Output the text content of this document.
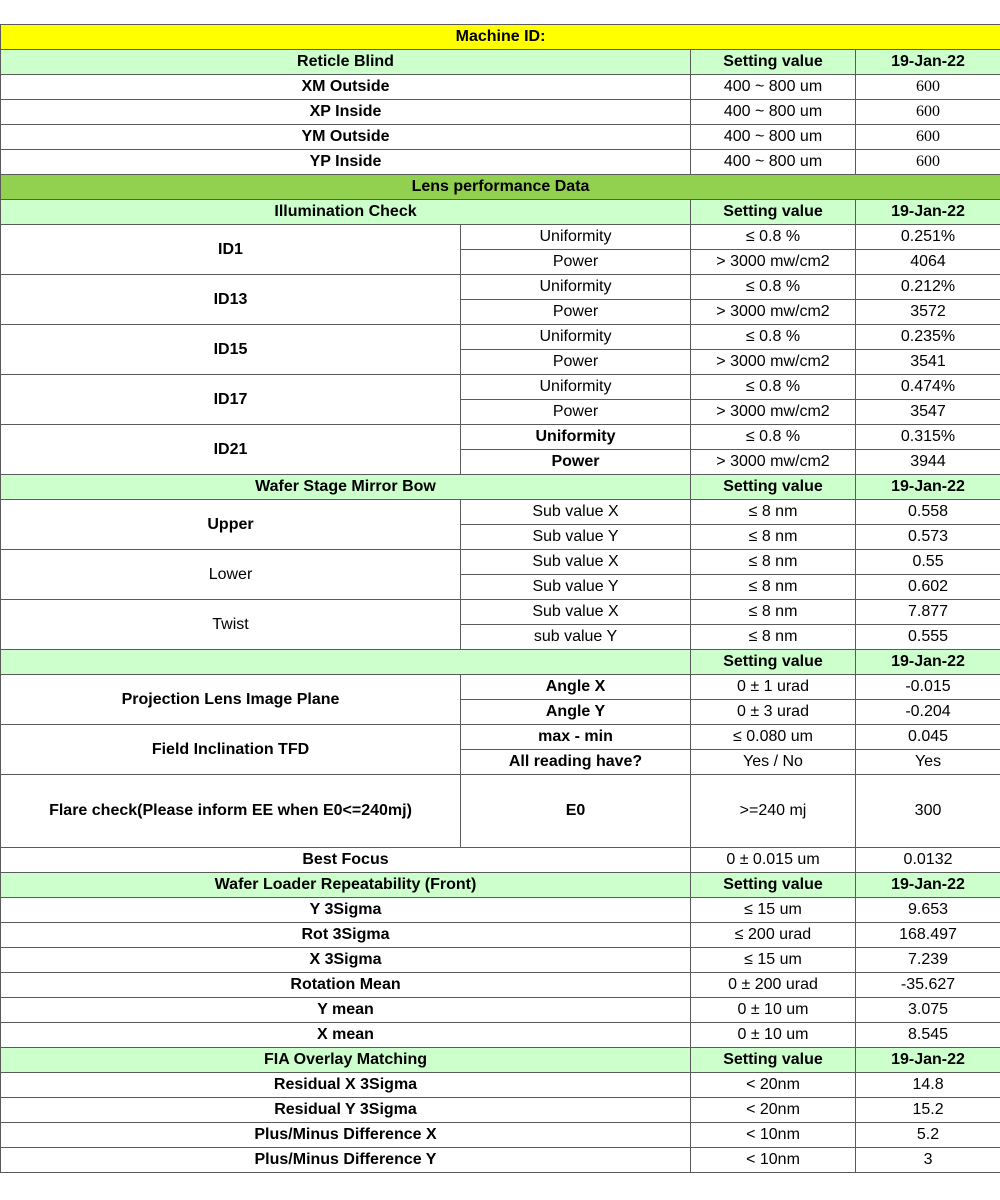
Machine ID:			
Reticle Blind		Setting value	19-Jan-22
XM Outside		400 ~ 800 um	600
XP Inside		400 ~ 800 um	600
YM Outside		400 ~ 800 um	600
YP Inside		400 ~ 800 um	600
Lens performance Data			
Illumination Check		Setting value	19-Jan-22
ID1	Uniformity	≤ 0.8 %	0.251%
	Power	> 3000 mw/cm2	4064
ID13	Uniformity	≤ 0.8 %	0.212%
	Power	> 3000 mw/cm2	3572
ID15	Uniformity	≤ 0.8 %	0.235%
	Power	> 3000 mw/cm2	3541
ID17	Uniformity	≤ 0.8 %	0.474%
	Power	> 3000 mw/cm2	3547
ID21	Uniformity	≤ 0.8 %	0.315%
	Power	> 3000 mw/cm2	3944
Wafer Stage Mirror Bow		Setting value	19-Jan-22
Upper	Sub value X	≤ 8 nm	0.558
	Sub value Y	≤ 8 nm	0.573
Lower	Sub value X	≤ 8 nm	0.55
	Sub value Y	≤ 8 nm	0.602
Twist	Sub value X	≤ 8 nm	7.877
	sub value Y	≤ 8 nm	0.555
		Setting value	19-Jan-22
Projection Lens Image Plane	Angle X	0 ± 1 urad	-0.015
	Angle Y	0 ± 3 urad	-0.204
Field Inclination TFD	max - min	≤ 0.080 um	0.045
	All reading have?	Yes / No	Yes
Flare check(Please inform EE when E0<=240mj)	E0	>=240 mj	300
Best Focus		0 ± 0.015 um	0.0132
Wafer Loader Repeatability (Front)		Setting value	19-Jan-22
Y 3Sigma		≤ 15 um	9.653
Rot 3Sigma		≤ 200 urad	168.497
X 3Sigma		≤ 15 um	7.239
Rotation Mean		0 ± 200 urad	-35.627
Y mean		0 ± 10 um	3.075
X mean		0 ± 10 um	8.545
FIA Overlay Matching		Setting value	19-Jan-22
Residual X 3Sigma		< 20nm	14.8
Residual Y 3Sigma		< 20nm	15.2
Plus/Minus Difference X		< 10nm	5.2
Plus/Minus Difference Y		< 10nm	3
